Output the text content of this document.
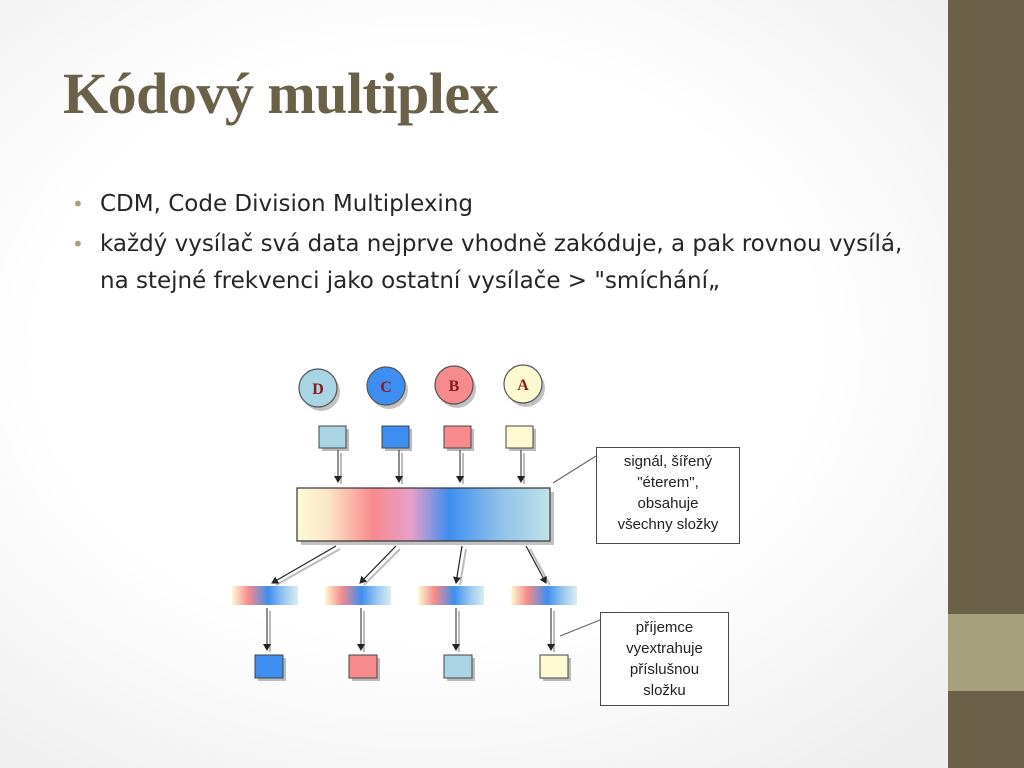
Kódový multiplex
• CDM, Code Division Multiplexing
• každý vysílač svá data nejprve vhodně zakóduje, a pak rovnou vysílá, na stejné frekvenci jako ostatní vysílače > "smíchání„
D	C	B	A
signál, šířený
"éterem",
obsahuje
všechny složky
příjemce
vyextrahuje
příslušnou
složku
